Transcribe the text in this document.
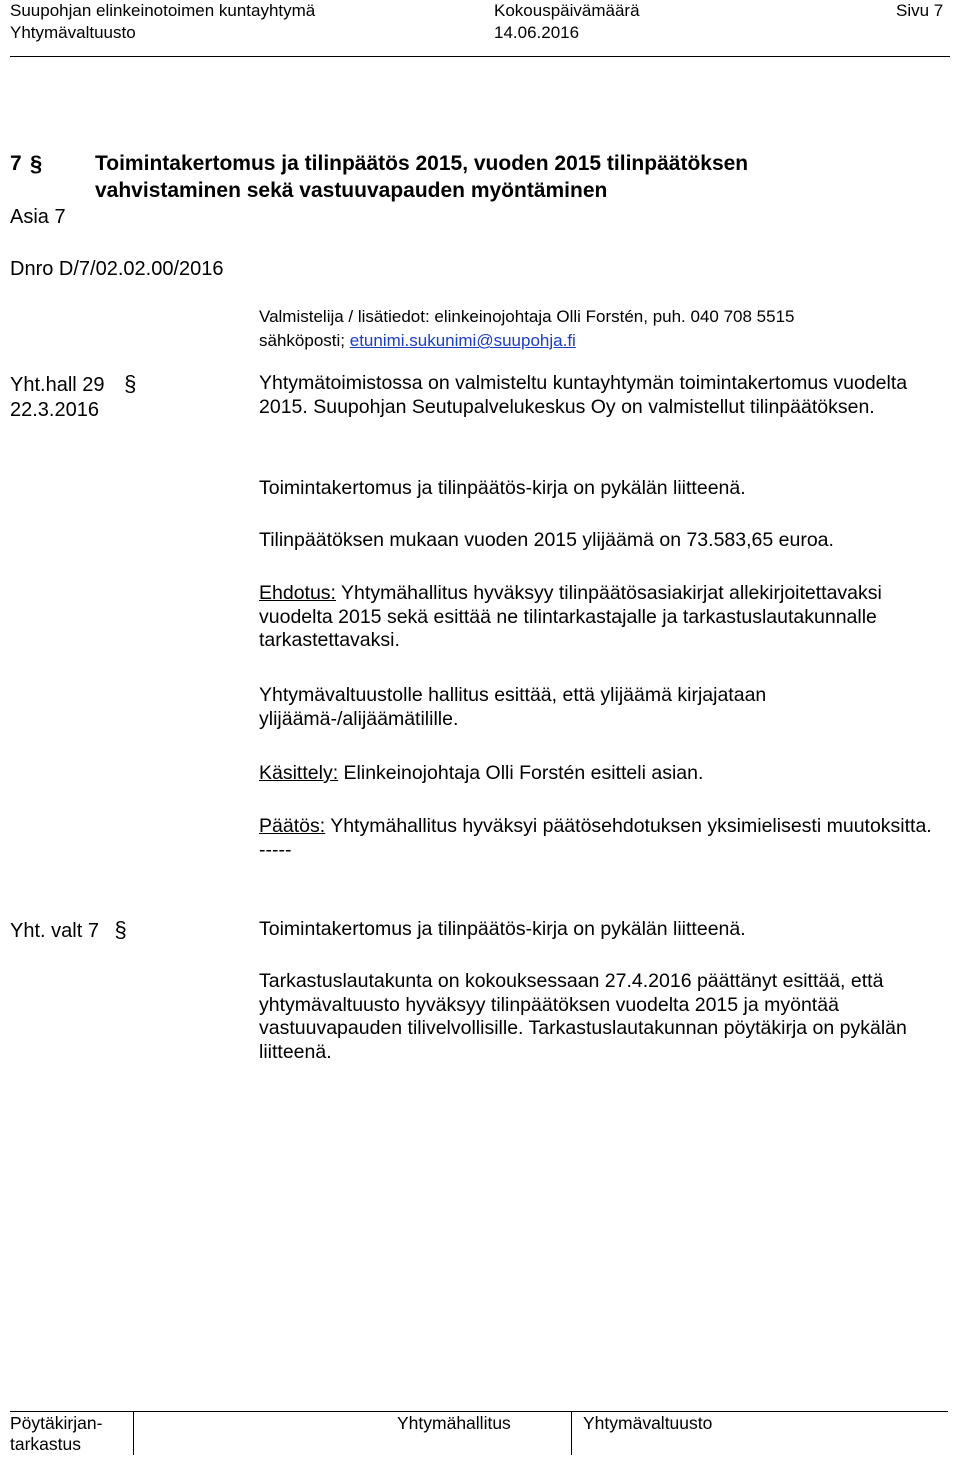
Suupohjan elinkeinotoimen kuntayhtymä
Yhtymävaltuusto
Kokouspäivämäärä
14.06.2016
Sivu 7
7 §	Toimintakertomus ja tilinpäätös 2015, vuoden 2015 tilinpäätöksen
vahvistaminen sekä vastuuvapauden myöntäminen
Asia 7
Dnro D/7/02.02.00/2016
Valmistelija / lisätiedot: elinkeinojohtaja Olli Forstén, puh. 040 708 5515
sähköposti; etunimi.sukunimi@suupohja.fi
Yht.hall 29 §
22.3.2016

Yhtymätoimistossa on valmisteltu kuntayhtymän toimintakertomus vuodelta 2015. Suupohjan Seutupalvelukeskus Oy on valmistellut tilinpäätöksen.

Toimintakertomus ja tilinpäätös-kirja on pykälän liitteenä.

Tilinpäätöksen mukaan vuoden 2015 ylijäämä on 73.583,65 euroa.

Ehdotus: Yhtymähallitus hyväksyy tilinpäätösasiakirjat allekirjoitettavaksi vuodelta 2015 sekä esittää ne tilintarkastajalle ja tarkastuslautakunnalle tarkastettavaksi.

Yhtymävaltuustolle hallitus esittää, että ylijäämä kirjajataan ylijäämä-/alijäämätilille.

Käsittely: Elinkeinojohtaja Olli Forstén esitteli asian.

Päätös: Yhtymähallitus hyväksyi päätösehdotuksen yksimielisesti muutoksitta.

-----

Yht. valt 7 §	Toimintakertomus ja tilinpäätös-kirja on pykälän liitteenä.

Tarkastuslautakunta on kokouksessaan 27.4.2016 päättänyt esittää, että yhtymävaltuusto hyväksyy tilinpäätöksen vuodelta 2015 ja myöntää vastuuvapauden tilivelvollisille. Tarkastuslautakunnan pöytäkirja on pykälän liitteenä.

Pöytäkirjan-
tarkastus
Yhtymähallitus	Yhtymävaltuusto
